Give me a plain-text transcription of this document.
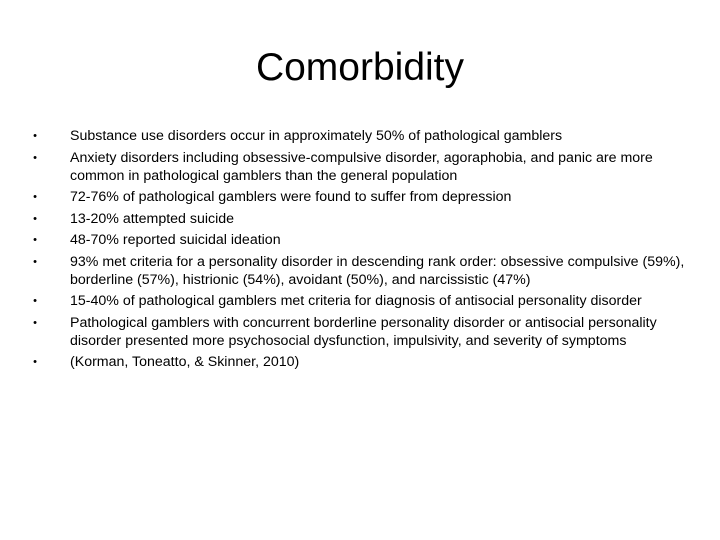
Comorbidity
• Substance use disorders occur in approximately 50% of pathological gamblers
• Anxiety disorders including obsessive-compulsive disorder, agoraphobia, and panic are more common in pathological gamblers than the general population
• 72-76% of pathological gamblers were found to suffer from depression
• 13-20% attempted suicide
• 48-70% reported suicidal ideation
• 93% met criteria for a personality disorder in descending rank order: obsessive compulsive (59%), borderline (57%), histrionic (54%), avoidant (50%), and narcissistic (47%)
• 15-40% of pathological gamblers met criteria for diagnosis of antisocial personality disorder
• Pathological gamblers with concurrent borderline personality disorder or antisocial personality disorder presented more psychosocial dysfunction, impulsivity, and severity of symptoms
• (Korman, Toneatto, & Skinner, 2010)
